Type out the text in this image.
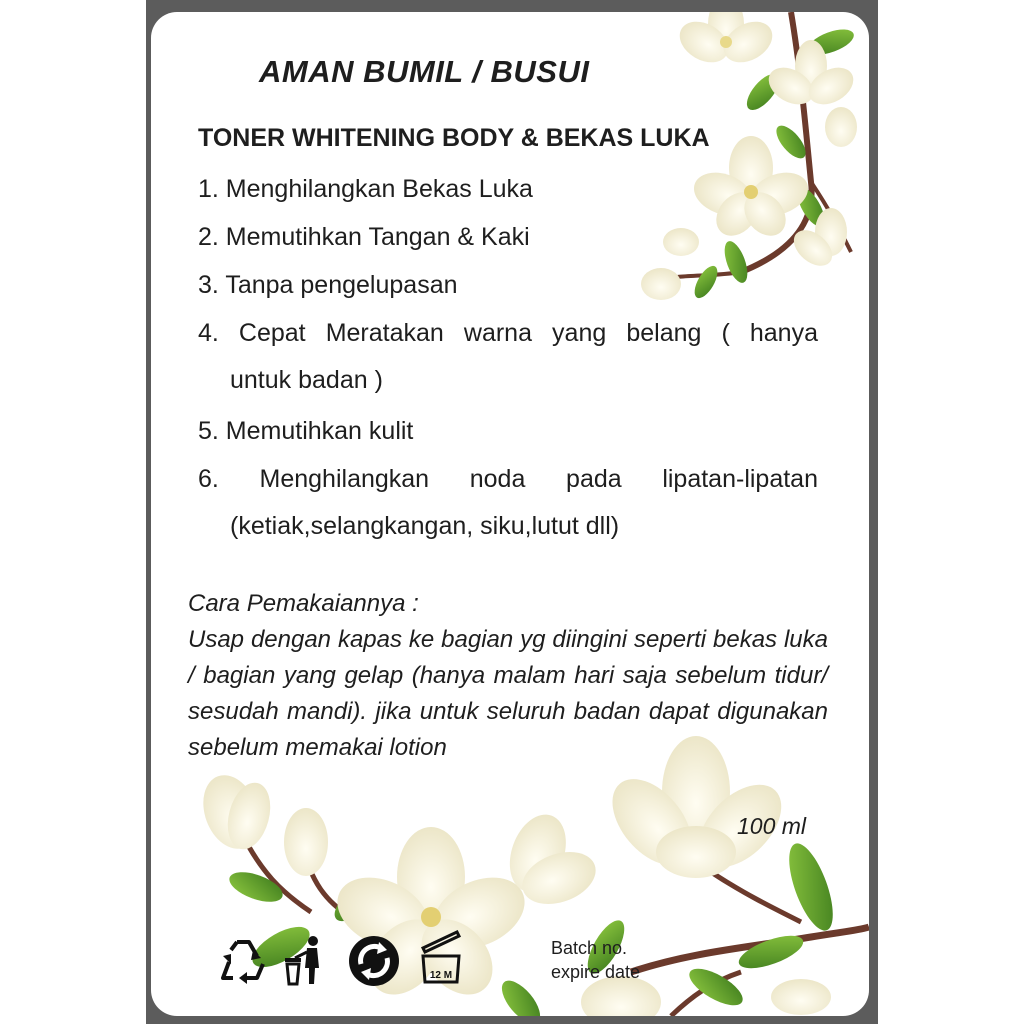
AMAN BUMIL / BUSUI
TONER WHITENING BODY & BEKAS LUKA

1. Menghilangkan Bekas Luka

2. Memutihkan Tangan & Kaki

3. Tanpa pengelupasan

4. Cepat Meratakan warna yang belang ( hanya
untuk badan )

5. Memutihkan kulit

6. Menghilangkan noda pada lipatan-lipatan
(ketiak,selangkangan, siku,lutut dll)

Cara Pemakaiannya :

Usap dengan kapas ke bagian yg diingini seperti bekas luka / bagian yang gelap (hanya malam hari saja sebelum tidur/ sesudah mandi). jika untuk seluruh badan dapat digunakan sebelum memakai lotion

100 ml
12 M
Batch no.
expire date
